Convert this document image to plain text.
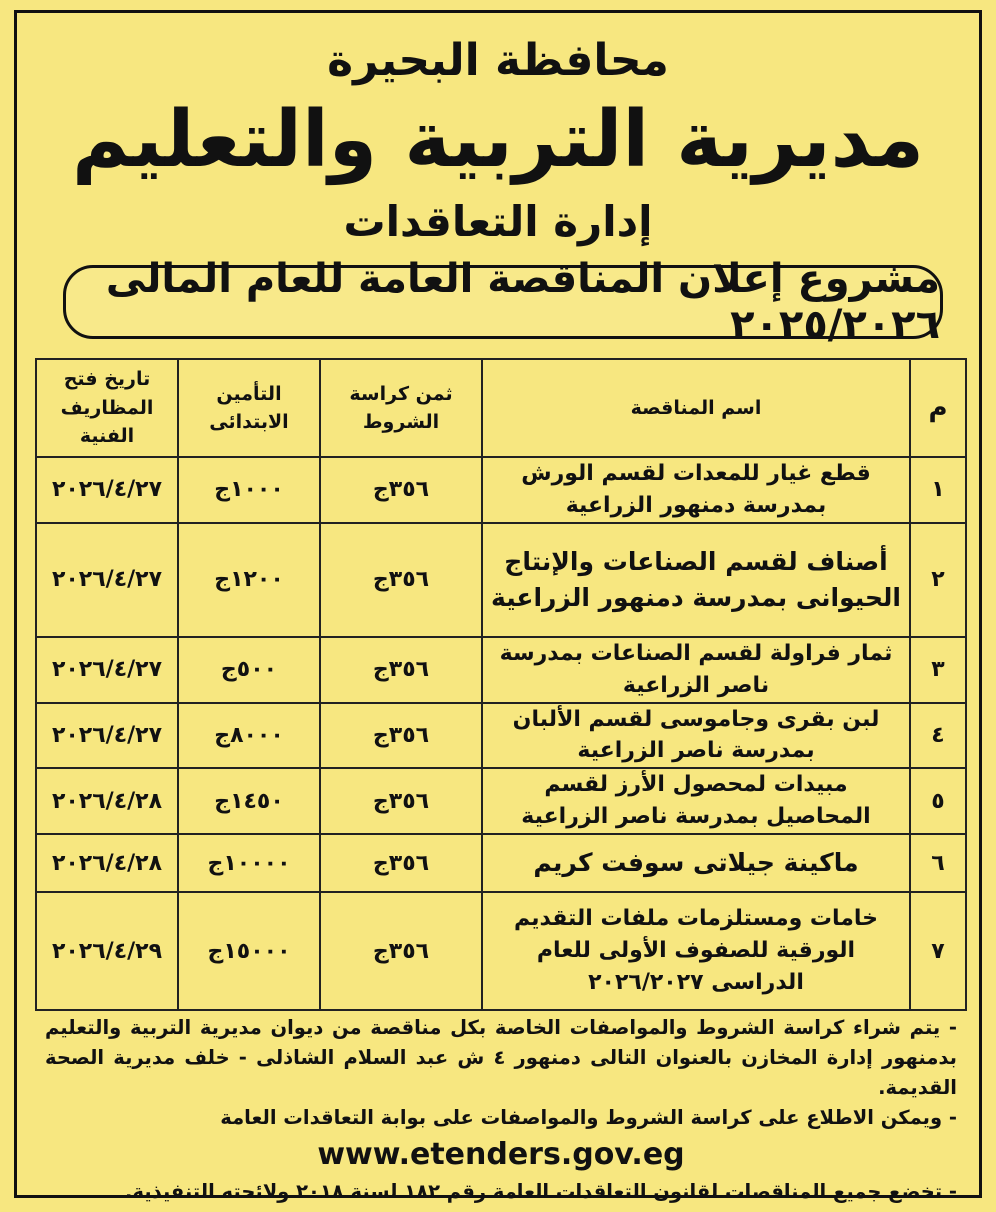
محافظة البحيرة
مديرية التربية والتعليم
إدارة التعاقدات
مشروع إعلان المناقصة العامة للعام المالى ٢٠٢٥/٢٠٢٦
م	اسم المناقصة	ثمن كراسة الشروط	التأمين الابتدائى	تاريخ فتح المظاريف الفنية
١	قطع غيار للمعدات لقسم الورش بمدرسة دمنهور الزراعية	٣٥٦ج	١٠٠٠ج	٢٠٢٦/٤/٢٧
٢	أصناف لقسم الصناعات والإنتاج الحيوانى بمدرسة دمنهور الزراعية	٣٥٦ج	١٢٠٠ج	٢٠٢٦/٤/٢٧
٣	ثمار فراولة لقسم الصناعات بمدرسة ناصر الزراعية	٣٥٦ج	٥٠٠ج	٢٠٢٦/٤/٢٧
٤	لبن بقرى وجاموسى لقسم الألبان بمدرسة ناصر الزراعية	٣٥٦ج	٨٠٠٠ج	٢٠٢٦/٤/٢٧
٥	مبيدات لمحصول الأرز لقسم المحاصيل بمدرسة ناصر الزراعية	٣٥٦ج	١٤٥٠ج	٢٠٢٦/٤/٢٨
٦	ماكينة جيلاتى سوفت كريم	٣٥٦ج	١٠٠٠٠ج	٢٠٢٦/٤/٢٨
٧	خامات ومستلزمات ملفات التقديم الورقية للصفوف الأولى للعام الدراسى ٢٠٢٦/٢٠٢٧	٣٥٦ج	١٥٠٠٠ج	٢٠٢٦/٤/٢٩

- يتم شراء كراسة الشروط والمواصفات الخاصة بكل مناقصة من ديوان مديرية التربية والتعليم بدمنهور إدارة المخازن بالعنوان التالى دمنهور ٤ ش عبد السلام الشاذلى - خلف مديرية الصحة القديمة.

- ويمكن الاطلاع على كراسة الشروط والمواصفات على بوابة التعاقدات العامة

www.etenders.gov.eg

- تخضع جميع المناقصات لقانون التعاقدات العامة رقم ١٨٢ لسنة ٢٠١٨ ولائحته التنفيذية.
